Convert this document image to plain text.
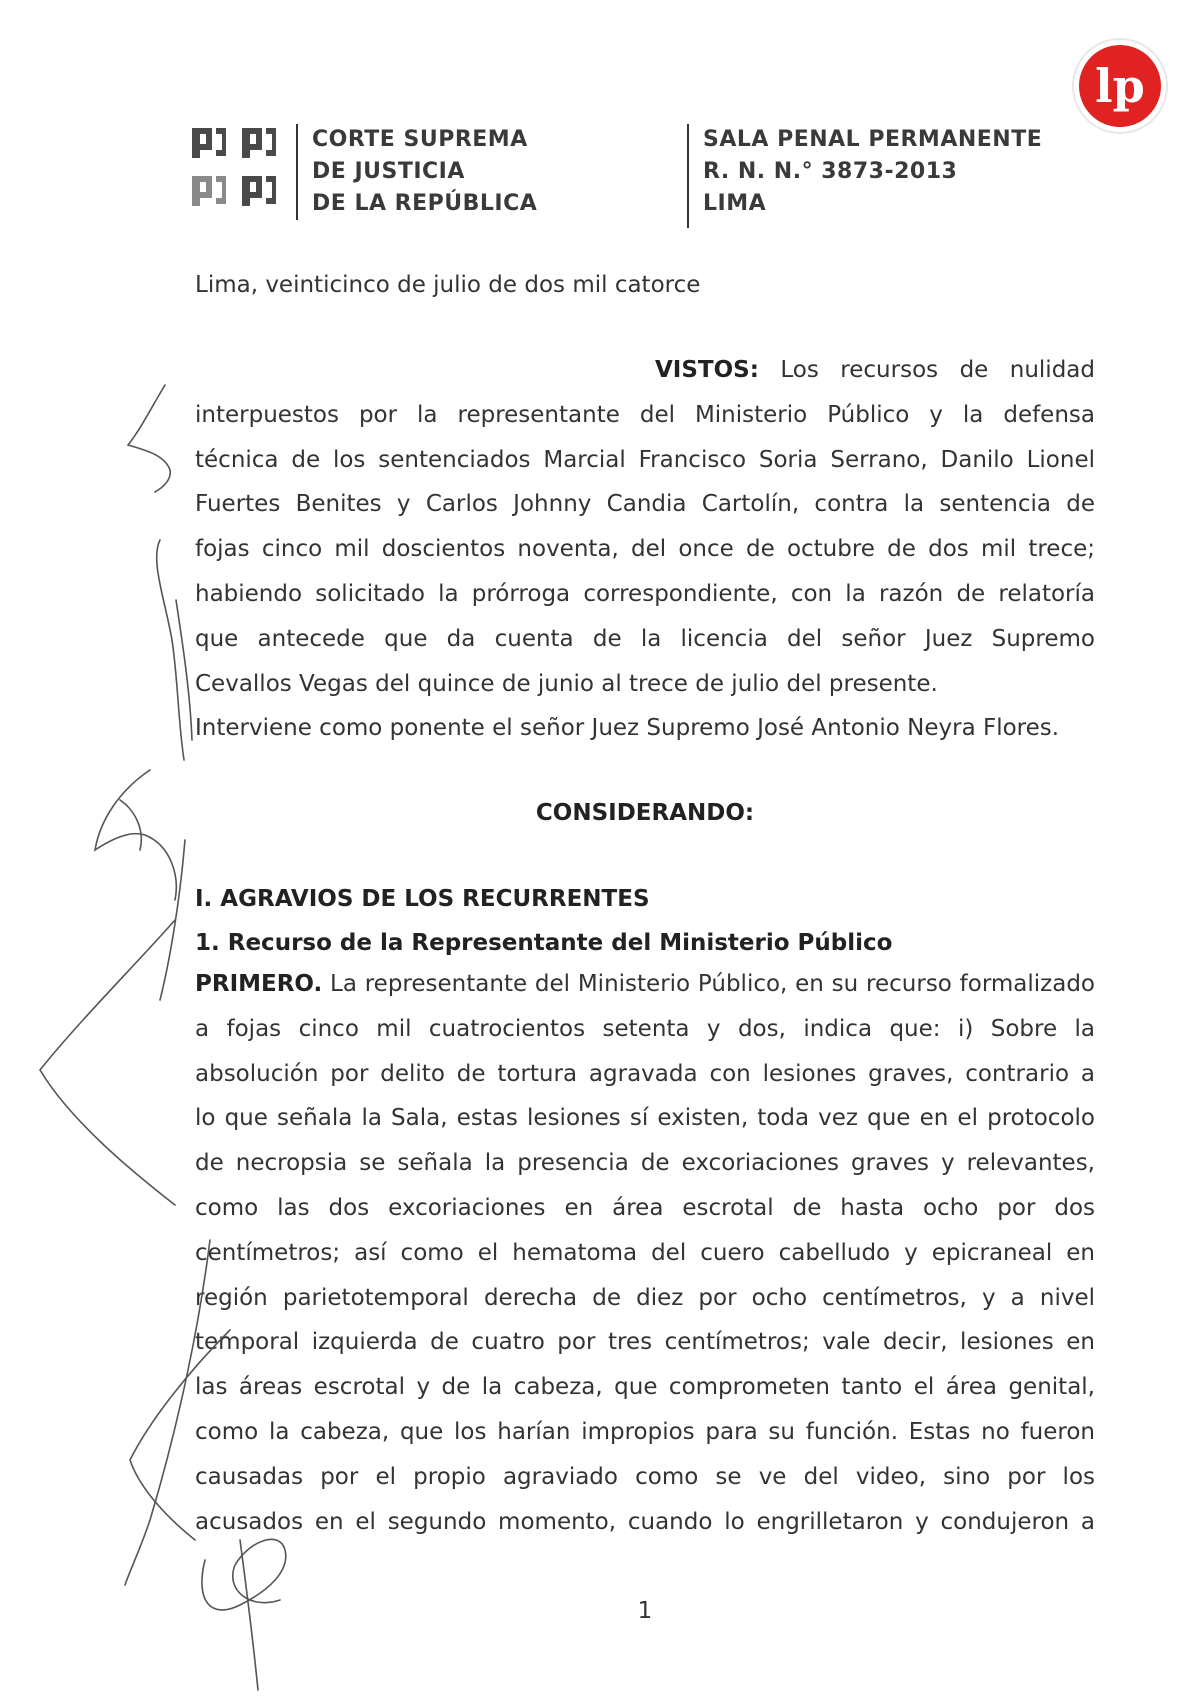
CORTE SUPREMA
DE JUSTICIA
DE LA REPÚBLICA
SALA PENAL PERMANENTE
R. N. N.° 3873-2013
LIMA
lp
Lima, veinticinco de julio de dos mil catorce
VISTOS: Los recursos de nulidad
interpuestos por la representante del Ministerio Público y la defensa
técnica de los sentenciados Marcial Francisco Soria Serrano, Danilo Lionel
Fuertes Benites y Carlos Johnny Candia Cartolín, contra la sentencia de
fojas cinco mil doscientos noventa, del once de octubre de dos mil trece;
habiendo solicitado la prórroga correspondiente, con la razón de relatoría
que antecede que da cuenta de la licencia del señor Juez Supremo
Cevallos Vegas del quince de junio al trece de julio del presente.
Interviene como ponente el señor Juez Supremo José Antonio Neyra Flores.
CONSIDERANDO:
I. AGRAVIOS DE LOS RECURRENTES
1. Recurso de la Representante del Ministerio Público
PRIMERO. La representante del Ministerio Público, en su recurso formalizado
a fojas cinco mil cuatrocientos setenta y dos, indica que: i) Sobre la
absolución por delito de tortura agravada con lesiones graves, contrario a
lo que señala la Sala, estas lesiones sí existen, toda vez que en el protocolo
de necropsia se señala la presencia de excoriaciones graves y relevantes,
como las dos excoriaciones en área escrotal de hasta ocho por dos
centímetros; así como el hematoma del cuero cabelludo y epicraneal en
región parietotemporal derecha de diez por ocho centímetros, y a nivel
temporal izquierda de cuatro por tres centímetros; vale decir, lesiones en
las áreas escrotal y de la cabeza, que comprometen tanto el área genital,
como la cabeza, que los harían impropios para su función. Estas no fueron
causadas por el propio agraviado como se ve del video, sino por los
acusados en el segundo momento, cuando lo engrilletaron y condujeron a
1
